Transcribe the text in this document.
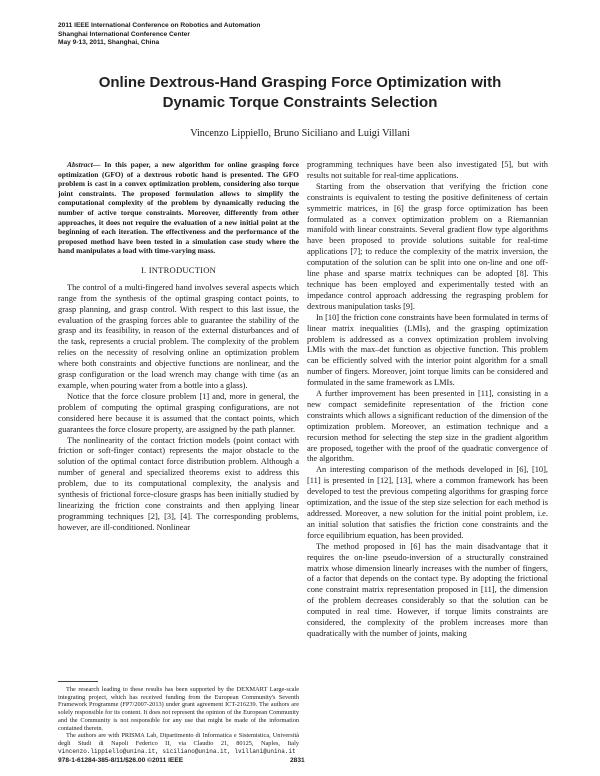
2011 IEEE International Conference on Robotics and Automation
Shanghai International Conference Center
May 9-13, 2011, Shanghai, China
Online Dextrous-Hand Grasping Force Optimization with
Dynamic Torque Constraints Selection
Vincenzo Lippiello, Bruno Siciliano and Luigi Villani

Abstract— In this paper, a new algorithm for online grasping force optimization (GFO) of a dextrous robotic hand is presented. The GFO problem is cast in a convex optimization problem, considering also torque joint constraints. The proposed formulation allows to simplify the computational complexity of the problem by dynamically reducing the number of active torque constraints. Moreover, differently from other approaches, it does not require the evaluation of a new initial point at the beginning of each iteration. The effectiveness and the performance of the proposed method have been tested in a simulation case study where the hand manipulates a load with time-varying mass.

I. INTRODUCTION

The control of a multi-fingered hand involves several aspects which range from the synthesis of the optimal grasping contact points, to grasp planning, and grasp control. With respect to this last issue, the evaluation of the grasping forces able to guarantee the stability of the grasp and its feasibility, in reason of the external disturbances and of the task, represents a crucial problem. The complexity of the problem relies on the necessity of resolving online an optimization problem where both constraints and objective functions are nonlinear, and the grasp configuration or the load wrench may change with time (as an example, when pouring water from a bottle into a glass).

Notice that the force closure problem [1] and, more in general, the problem of computing the optimal grasping configurations, are not considered here because it is assumed that the contact points, which guarantees the force closure property, are assigned by the path planner.

The nonlinearity of the contact friction models (point contact with friction or soft-finger contact) represents the major obstacle to the solution of the optimal contact force distribution problem. Although a number of general and specialized theorems exist to address this problem, due to its computational complexity, the analysis and synthesis of frictional force-closure grasps has been initially studied by linearizing the friction cone constraints and then applying linear programming techniques [2], [3], [4]. The corresponding problems, however, are ill-conditioned. Nonlinear

The research leading to these results has been supported by the DEXMART Large-scale integrating project, which has received funding from the European Community's Seventh Framework Programme (FP7/2007-2013) under grant agreement ICT-216239. The authors are solely responsible for its content. It does not represent the opinion of the European Community and the Community is not responsible for any use that might be made of the information contained therein.

The authors are with PRISMA Lab, Dipartimento di Informatica e Sistemistica, Università degli Studi di Napoli Federico II, via Claudio 21, 80125, Naples, Italy vincenzo.lippiello@unina.it, siciliano@unina.it, lvillani@unina.it

programming techniques have been also investigated [5], but with results not suitable for real-time applications.

Starting from the observation that verifying the friction cone constraints is equivalent to testing the positive definiteness of certain symmetric matrices, in [6] the grasp force optimization has been formulated as a convex optimization problem on a Riemannian manifold with linear constraints. Several gradient flow type algorithms have been proposed to provide solutions suitable for real-time applications [7]; to reduce the complexity of the matrix inversion, the computation of the solution can be split into one on-line and one off-line phase and sparse matrix techniques can be adopted [8]. This technique has been employed and experimentally tested with an impedance control approach addressing the regrasping problem for dextrous manipulation tasks [9].

In [10] the friction cone constraints have been formulated in terms of linear matrix inequalities (LMIs), and the grasping optimization problem is addressed as a convex optimization problem involving LMIs with the max–det function as objective function. This problem can be efficiently solved with the interior point algorithm for a small number of fingers. Moreover, joint torque limits can be considered and formulated in the same framework as LMIs.

A further improvement has been presented in [11], consisting in a new compact semidefinite representation of the friction cone constraints which allows a significant reduction of the dimension of the optimization problem. Moreover, an estimation technique and a recursion method for selecting the step size in the gradient algorithm are proposed, together with the proof of the quadratic convergence of the algorithm.

An interesting comparison of the methods developed in [6], [10], [11] is presented in [12], [13], where a common framework has been developed to test the previous competing algorithms for grasping force optimization, and the issue of the step size selection for each method is addressed. Moreover, a new solution for the initial point problem, i.e. an initial solution that satisfies the friction cone constraints and the force equilibrium equation, has been provided.

The method proposed in [6] has the main disadvantage that it requires the on-line pseudo-inversion of a structurally constrained matrix whose dimension linearly increases with the number of fingers, of a factor that depends on the contact type. By adopting the frictional cone constraint matrix representation proposed in [11], the dimension of the problem decreases considerably so that the solution can be computed in real time. However, if torque limits constraints are considered, the complexity of the problem increases more than quadratically with the number of joints, making

978-1-61284-385-8/11/$26.00 ©2011 IEEE	2831
